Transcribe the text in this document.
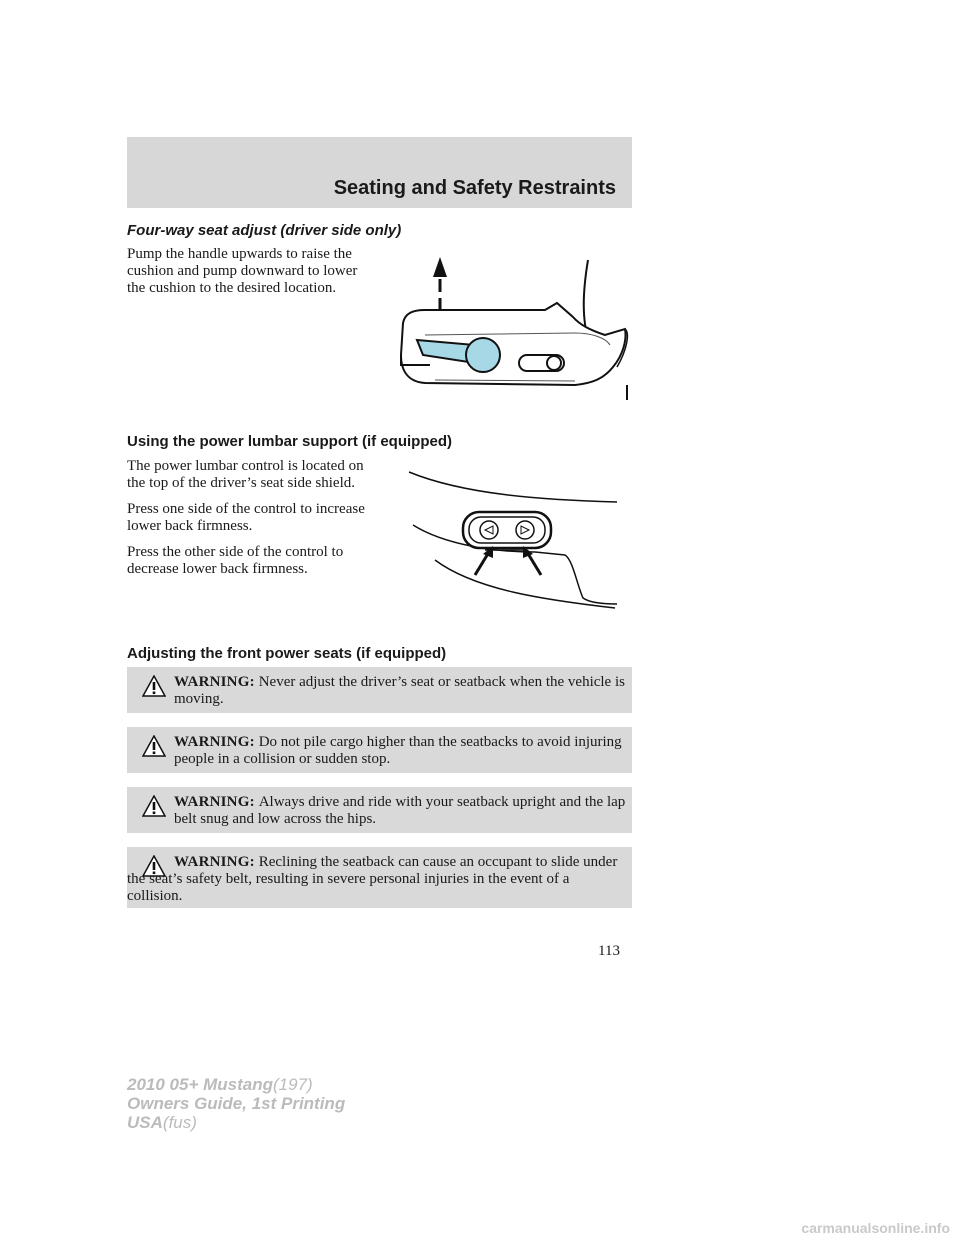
Seating and Safety Restraints
Four-way seat adjust (driver side only)

Pump the handle upwards to raise the cushion and pump downward to lower the cushion to the desired location.

Using the power lumbar support (if equipped)

The power lumbar control is located on the top of the driver’s seat side shield.

Press one side of the control to increase lower back firmness.

Press the other side of the control to decrease lower back firmness.

Adjusting the front power seats (if equipped)
WARNING: Never adjust the driver’s seat or seatback when the vehicle is moving.
WARNING: Do not pile cargo higher than the seatbacks to avoid injuring people in a collision or sudden stop.
WARNING: Always drive and ride with your seatback upright and the lap belt snug and low across the hips.
WARNING: Reclining the seatback can cause an occupant to slide under the seat’s safety belt, resulting in severe personal injuries in the event of a collision.
113
2010 05+ Mustang(197)
Owners Guide, 1st Printing
USA(fus)
carmanualsonline.info
